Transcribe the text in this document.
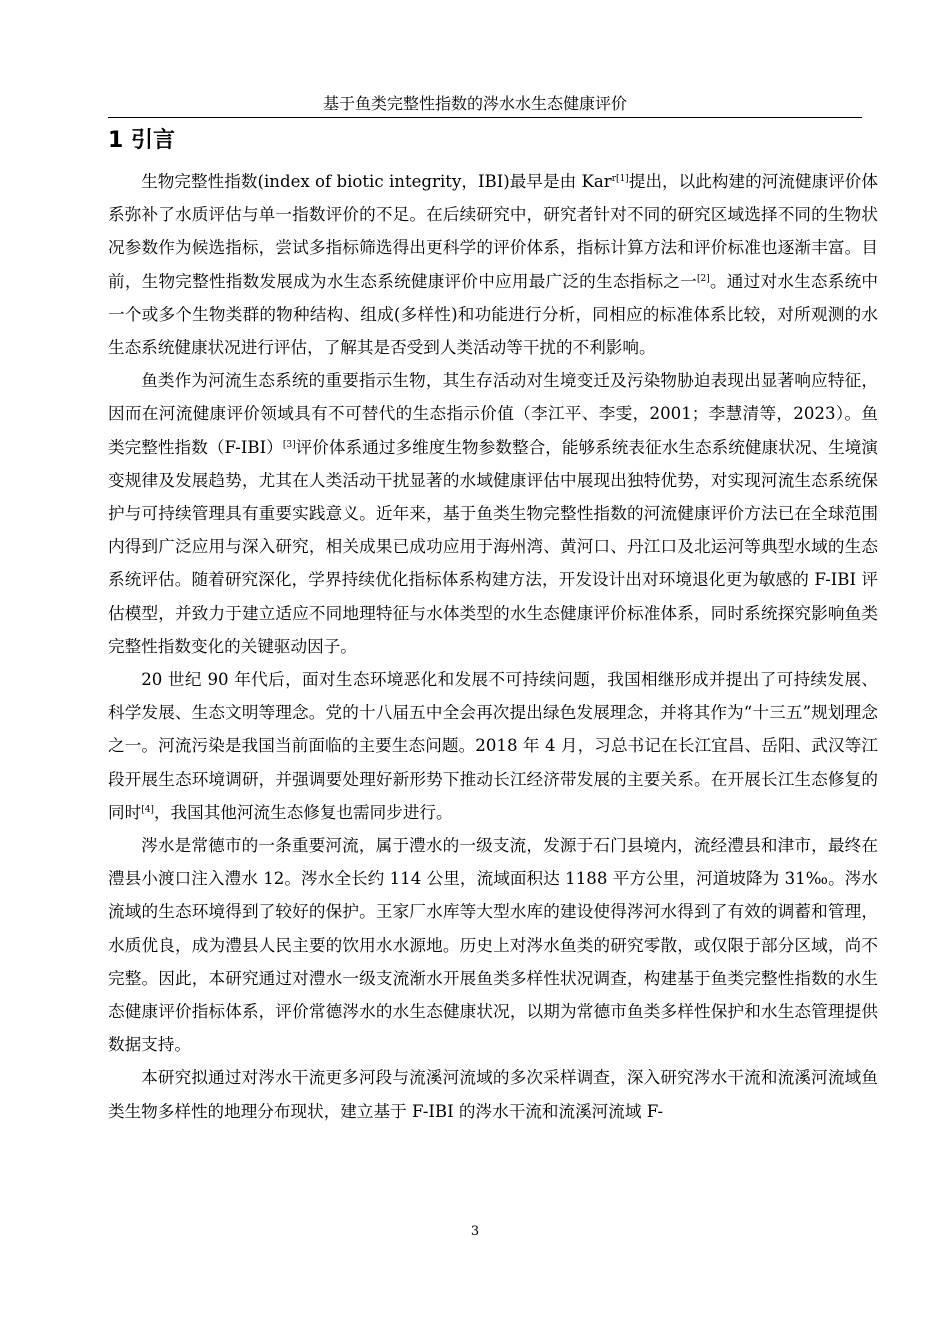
基于鱼类完整性指数的涔水水生态健康评价
1 引言

生物完整性指数(index of biotic integrity，IBI)最早是由 Kar$^{r[1]}$提出，以此构建的河流健康评价体系弥补了水质评估与单一指数评价的不足。在后续研究中，研究者针对不同的研究区域选择不同的生物状况参数作为候选指标，尝试多指标筛选得出更科学的评价体系，指标计算方法和评价标准也逐渐丰富。目前，生物完整性指数发展成为水生态系统健康评价中应用最广泛的生态指标之一[2]。通过对水生态系统中一个或多个生物类群的物种结构、组成(多样性)和功能进行分析，同相应的标准体系比较，对所观测的水生态系统健康状况进行评估，了解其是否受到人类活动等干扰的不利影响。

鱼类作为河流生态系统的重要指示生物，其生存活动对生境变迁及污染物胁迫表现出显著响应特征，因而在河流健康评价领域具有不可替代的生态指示价值（李江平、李雯，2001；李慧清等，2023）。鱼类完整性指数（F-IBI）[3]评价体系通过多维度生物参数整合，能够系统表征水生态系统健康状况、生境演变规律及发展趋势，尤其在人类活动干扰显著的水域健康评估中展现出独特优势，对实现河流生态系统保护与可持续管理具有重要实践意义。近年来，基于鱼类生物完整性指数的河流健康评价方法已在全球范围内得到广泛应用与深入研究，相关成果已成功应用于海州湾、黄河口、丹江口及北运河等典型水域的生态系统评估。随着研究深化，学界持续优化指标体系构建方法，开发设计出对环境退化更为敏感的 F-IBI 评估模型，并致力于建立适应不同地理特征与水体类型的水生态健康评价标准体系，同时系统探究影响鱼类完整性指数变化的关键驱动因子。

20 世纪 90 年代后，面对生态环境恶化和发展不可持续问题，我国相继形成并提出了可持续发展、科学发展、生态文明等理念。党的十八届五中全会再次提出绿色发展理念，并将其作为“十三五”规划理念之一。河流污染是我国当前面临的主要生态问题。2018 年 4 月，习总书记在长江宜昌、岳阳、武汉等江段开展生态环境调研，并强调要处理好新形势下推动长江经济带发展的主要关系。在开展长江生态修复的同时[4]，我国其他河流生态修复也需同步进行。

涔水是常德市的一条重要河流，属于澧水的一级支流，发源于石门县境内，流经澧县和津市，最终在澧县小渡口注入澧水 12。涔水全长约 114 公里，流域面积达 1188 平方公里，河道坡降为 31‰。涔水流域的生态环境得到了较好的保护。王家厂水库等大型水库的建设使得涔河水得到了有效的调蓄和管理，水质优良，成为澧县人民主要的饮用水水源地。历史上对涔水鱼类的研究零散，或仅限于部分区域，尚不完整。因此，本研究通过对澧水一级支流渐水开展鱼类多样性状况调查，构建基于鱼类完整性指数的水生态健康评价指标体系，评价常德涔水的水生态健康状况，以期为常德市鱼类多样性保护和水生态管理提供数据支持。

本研究拟通过对涔水干流更多河段与流溪河流域的多次采样调查，深入研究涔水干流和流溪河流域鱼类生物多样性的地理分布现状，建立基于 F-IBI 的涔水干流和流溪河流域 F-

3
